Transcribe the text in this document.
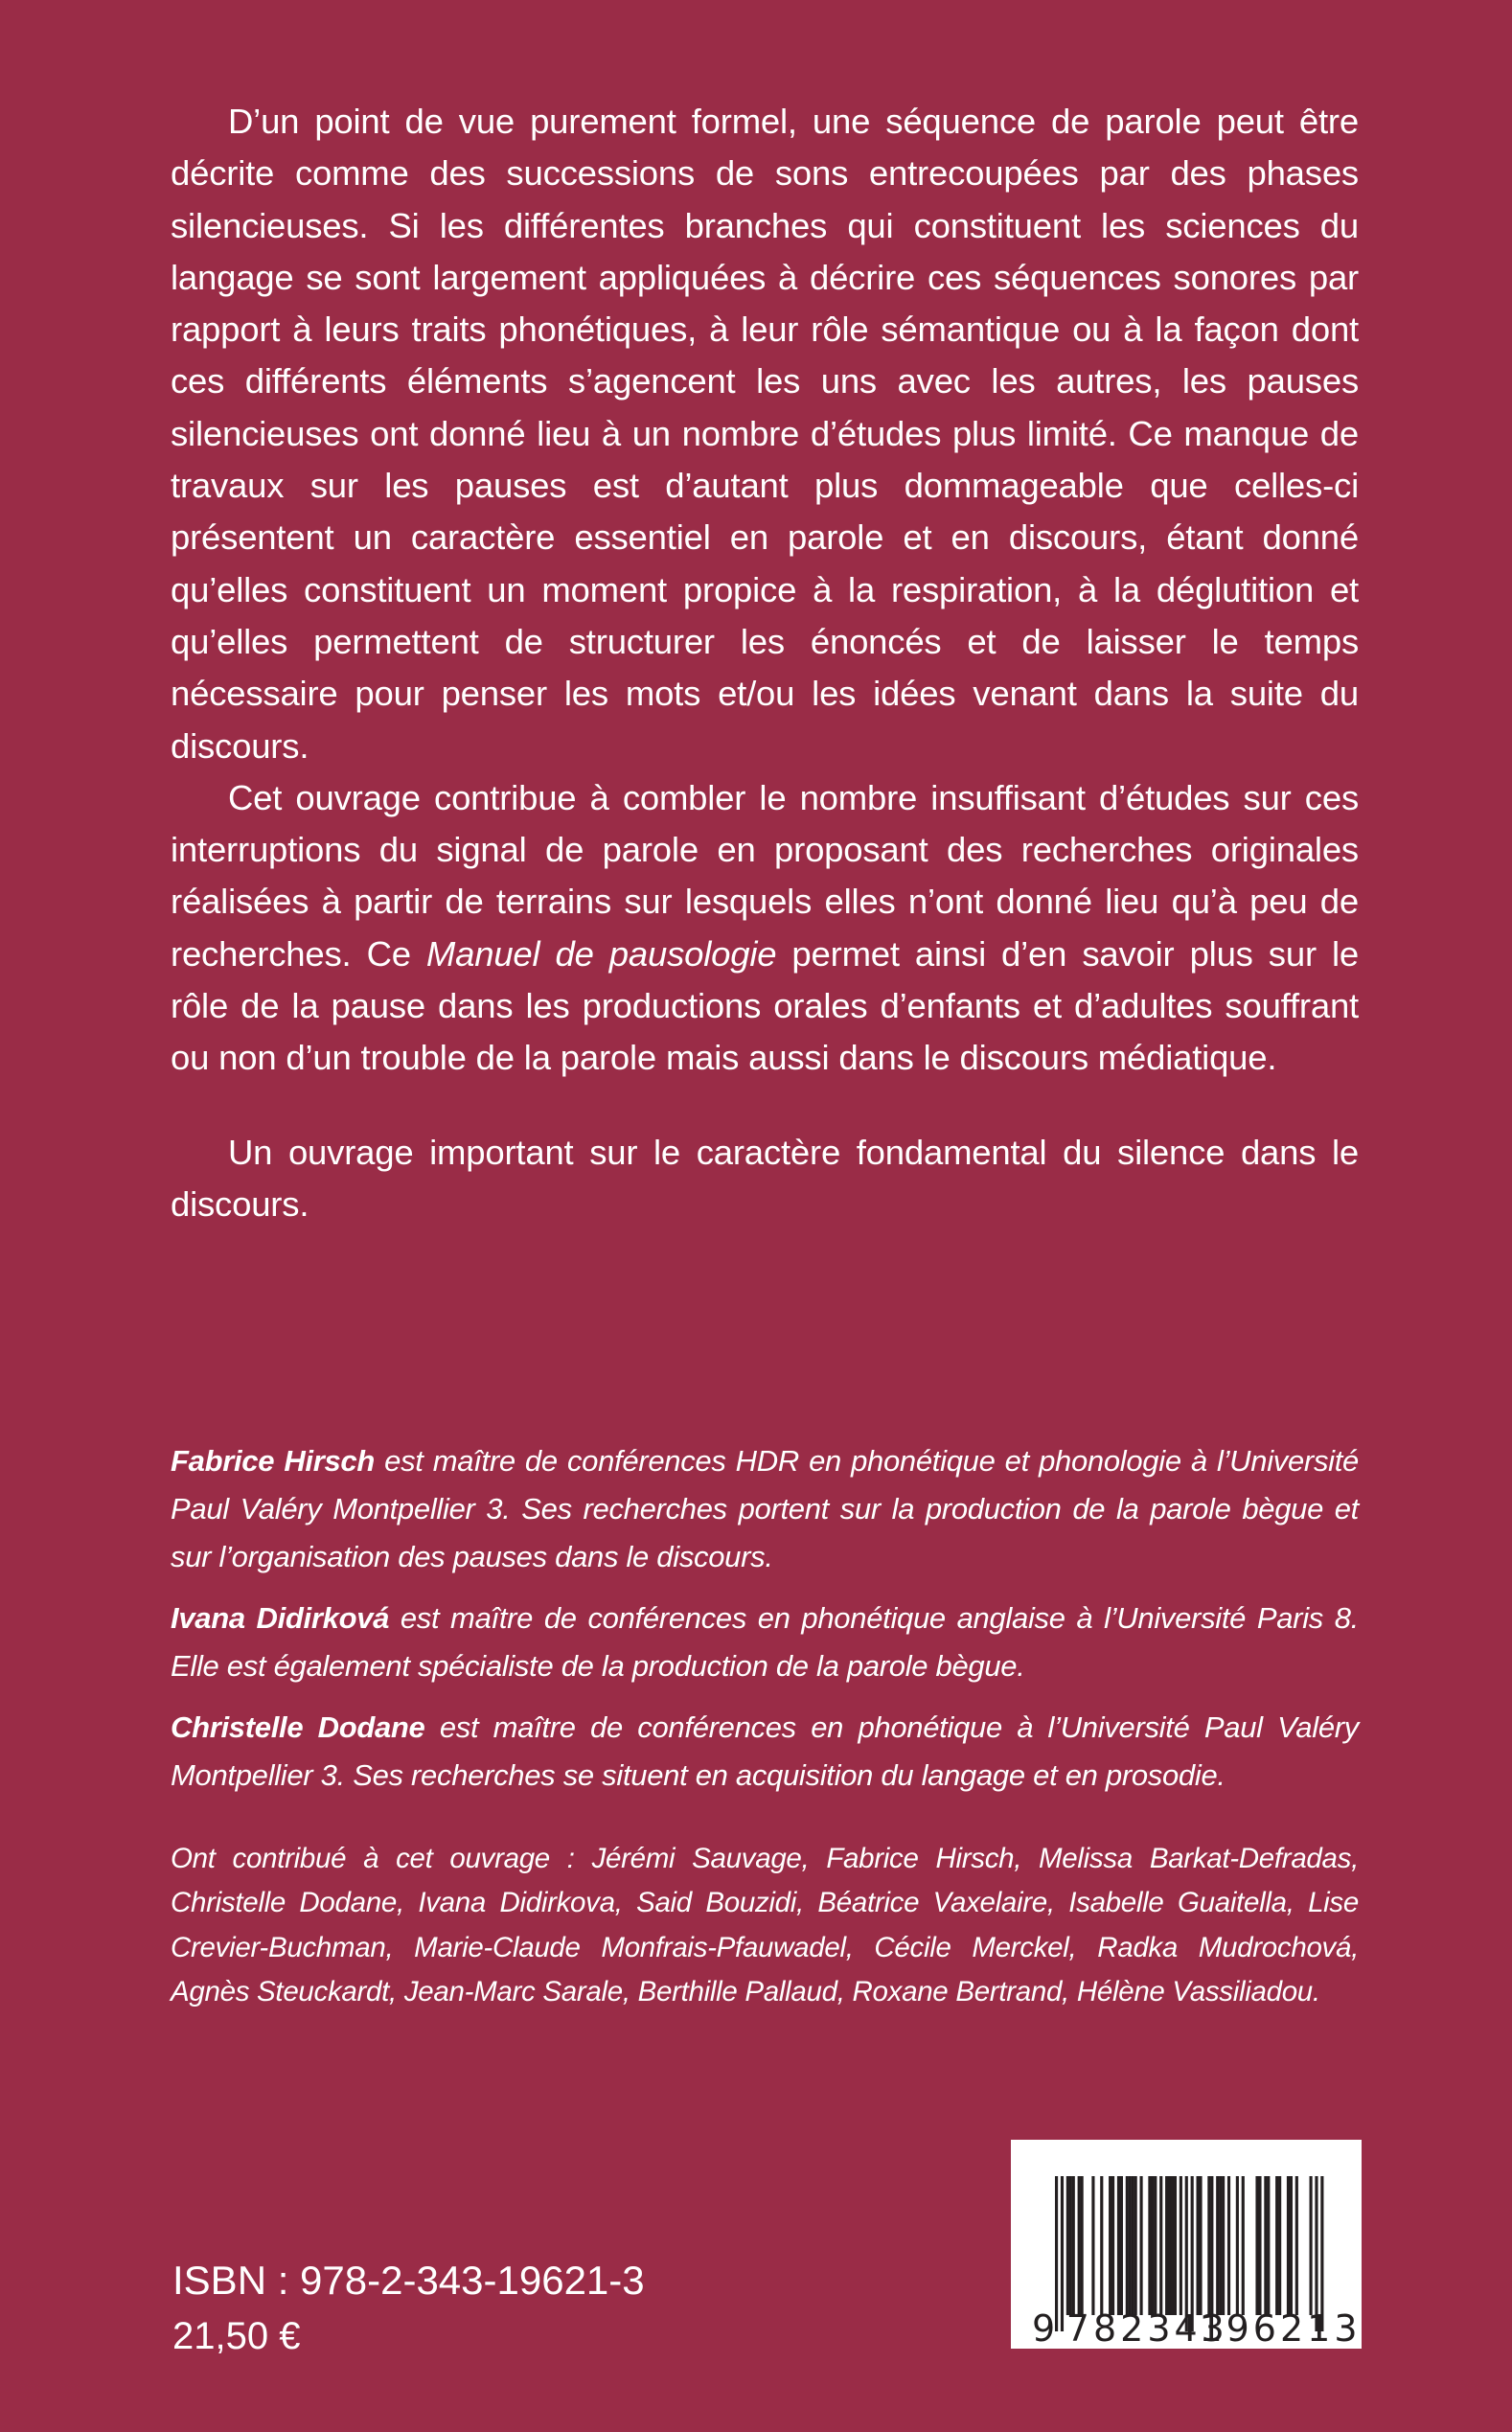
D’un point de vue purement formel, une séquence de parole peut être décrite comme des successions de sons entrecoupées par des phases silencieuses. Si les différentes branches qui constituent les sciences du langage se sont largement appliquées à décrire ces séquences sonores par rapport à leurs traits phonétiques, à leur rôle sémantique ou à la façon dont ces différents éléments s’agencent les uns avec les autres, les pauses silencieuses ont donné lieu à un nombre d’études plus limité. Ce manque de travaux sur les pauses est d’autant plus dommageable que celles-ci présentent un caractère essentiel en parole et en discours, étant donné qu’elles constituent un moment propice à la respiration, à la déglutition et qu’elles permettent de structurer les énoncés et de laisser le temps nécessaire pour penser les mots et/ou les idées venant dans la suite du discours.

Cet ouvrage contribue à combler le nombre insuffisant d’études sur ces interruptions du signal de parole en proposant des recherches originales réalisées à partir de terrains sur lesquels elles n’ont donné lieu qu’à peu de recherches. Ce Manuel de pausologie permet ainsi d’en savoir plus sur le rôle de la pause dans les productions orales d’enfants et d’adultes souffrant ou non d’un trouble de la parole mais aussi dans le discours médiatique.

Un ouvrage important sur le caractère fondamental du silence dans le discours.

Fabrice Hirsch est maître de conférences HDR en phonétique et phonologie à l’Université Paul Valéry Montpellier 3. Ses recherches portent sur la production de la parole bègue et sur l’organisation des pauses dans le discours.

Ivana Didirková est maître de conférences en phonétique anglaise à l’Université Paris 8. Elle est également spécialiste de la production de la parole bègue.

Christelle Dodane est maître de conférences en phonétique à l’Université Paul Valéry Montpellier 3. Ses recherches se situent en acquisition du langage et en prosodie.

Ont contribué à cet ouvrage : Jérémi Sauvage, Fabrice Hirsch, Melissa Barkat-Defradas, Christelle Dodane, Ivana Didirkova, Said Bouzidi, Béatrice Vaxelaire, Isabelle Guaitella, Lise Crevier-Buchman, Marie-Claude Monfrais-Pfauwadel, Cécile Merckel, Radka Mudrochová, Agnès Steuckardt, Jean-Marc Sarale, Berthille Pallaud, Roxane Bertrand, Hélène Vassiliadou.
ISBN : 978-2-343-19621-3
21,50 €	9 782343
196213
